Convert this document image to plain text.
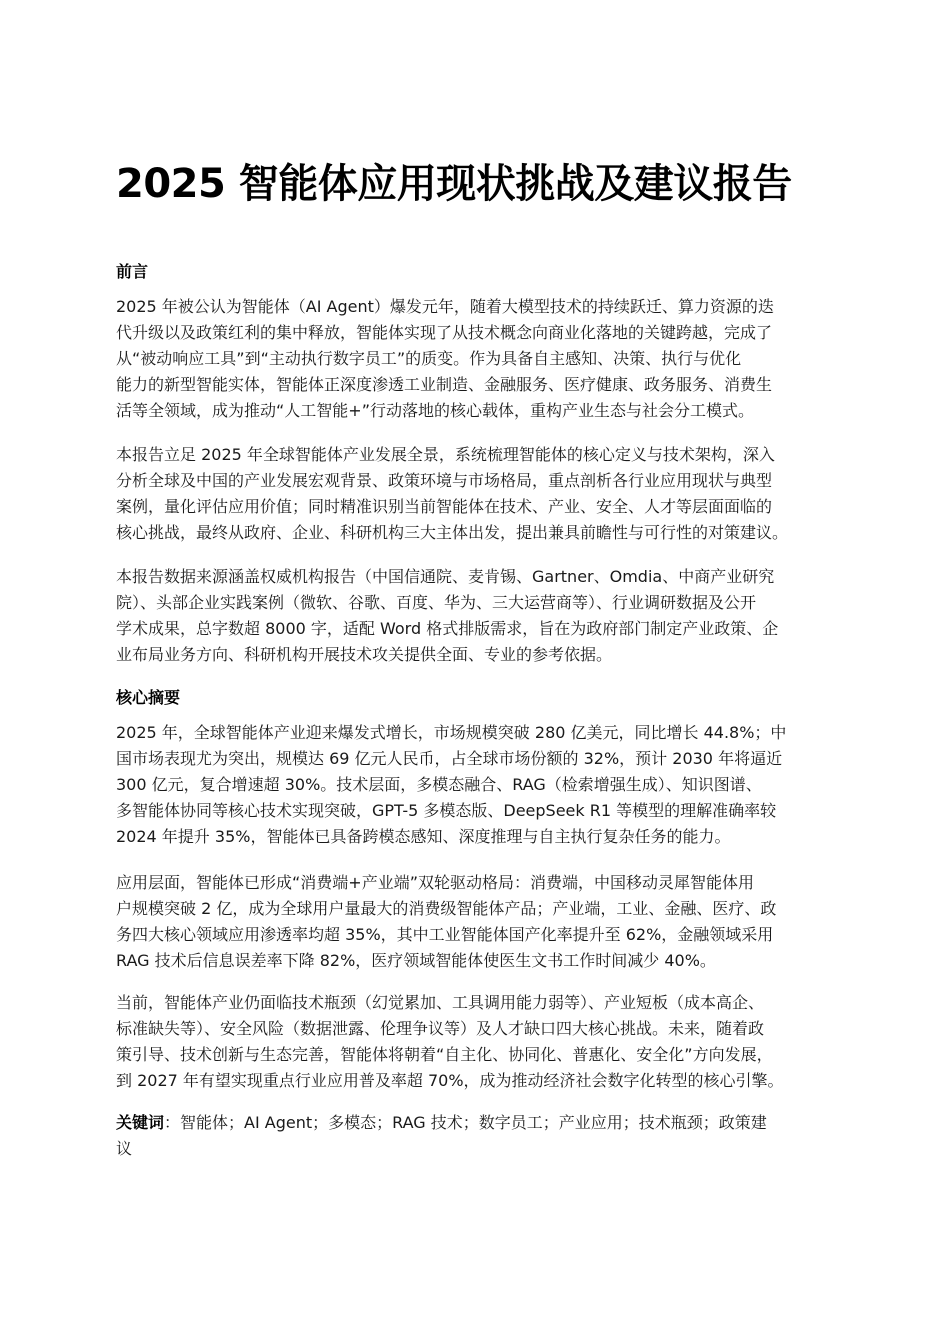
2025 智能体应用现状挑战及建议报告
前言
2025 年被公认为智能体（AI Agent）爆发元年，随着大模型技术的持续跃迁、算力资源的迭
代升级以及政策红利的集中释放，智能体实现了从技术概念向商业化落地的关键跨越，完成了
从“被动响应工具”到“主动执行数字员工”的质变。作为具备自主感知、决策、执行与优化
能力的新型智能实体，智能体正深度渗透工业制造、金融服务、医疗健康、政务服务、消费生
活等全领域，成为推动“人工智能+”行动落地的核心载体，重构产业生态与社会分工模式。
本报告立足 2025 年全球智能体产业发展全景，系统梳理智能体的核心定义与技术架构，深入
分析全球及中国的产业发展宏观背景、政策环境与市场格局，重点剖析各行业应用现状与典型
案例，量化评估应用价值；同时精准识别当前智能体在技术、产业、安全、人才等层面面临的
核心挑战，最终从政府、企业、科研机构三大主体出发，提出兼具前瞻性与可行性的对策建议。
本报告数据来源涵盖权威机构报告（中国信通院、麦肯锡、Gartner、Omdia、中商产业研究
院）、头部企业实践案例（微软、谷歌、百度、华为、三大运营商等）、行业调研数据及公开
学术成果，总字数超 8000 字，适配 Word 格式排版需求，旨在为政府部门制定产业政策、企
业布局业务方向、科研机构开展技术攻关提供全面、专业的参考依据。
核心摘要
2025 年，全球智能体产业迎来爆发式增长，市场规模突破 280 亿美元，同比增长 44.8%；中
国市场表现尤为突出，规模达 69 亿元人民币，占全球市场份额的 32%，预计 2030 年将逼近
300 亿元，复合增速超 30%。技术层面，多模态融合、RAG（检索增强生成）、知识图谱、
多智能体协同等核心技术实现突破，GPT-5 多模态版、DeepSeek R1 等模型的理解准确率较
2024 年提升 35%，智能体已具备跨模态感知、深度推理与自主执行复杂任务的能力。
应用层面，智能体已形成“消费端+产业端”双轮驱动格局：消费端，中国移动灵犀智能体用
户规模突破 2 亿，成为全球用户量最大的消费级智能体产品；产业端，工业、金融、医疗、政
务四大核心领域应用渗透率均超 35%，其中工业智能体国产化率提升至 62%，金融领域采用
RAG 技术后信息误差率下降 82%，医疗领域智能体使医生文书工作时间减少 40%。
当前，智能体产业仍面临技术瓶颈（幻觉累加、工具调用能力弱等）、产业短板（成本高企、
标准缺失等）、安全风险（数据泄露、伦理争议等）及人才缺口四大核心挑战。未来，随着政
策引导、技术创新与生态完善，智能体将朝着“自主化、协同化、普惠化、安全化”方向发展，
到 2027 年有望实现重点行业应用普及率超 70%，成为推动经济社会数字化转型的核心引擎。
关键词：智能体；AI Agent；多模态；RAG 技术；数字员工；产业应用；技术瓶颈；政策建
议
